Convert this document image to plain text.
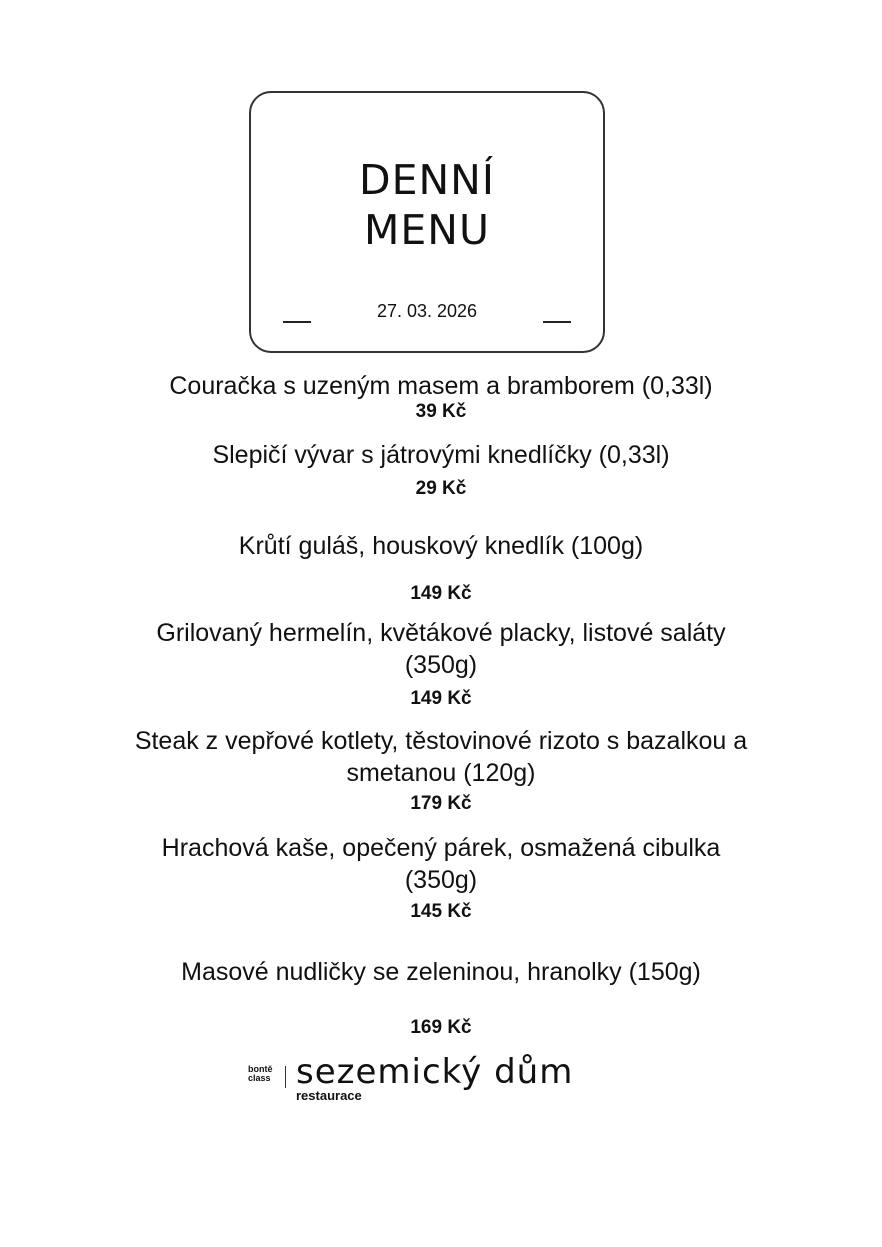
DENNÍ
MENU
27. 03. 2026
Couračka s uzeným masem a bramborem (0,33l)
39 Kč
Slepičí vývar s játrovými knedlíčky (0,33l)
29 Kč
Krůtí guláš, houskový knedlík (100g)
149 Kč
Grilovaný hermelín, květákové placky, listové saláty (350g)
149 Kč
Steak z vepřové kotlety, těstovinové rizoto s bazalkou a smetanou (120g)
179 Kč
Hrachová kaše, opečený párek, osmažená cibulka (350g)
145 Kč
Masové nudličky se zeleninou, hranolky (150g)
169 Kč
bontě
class sezemický dům
restaurace
